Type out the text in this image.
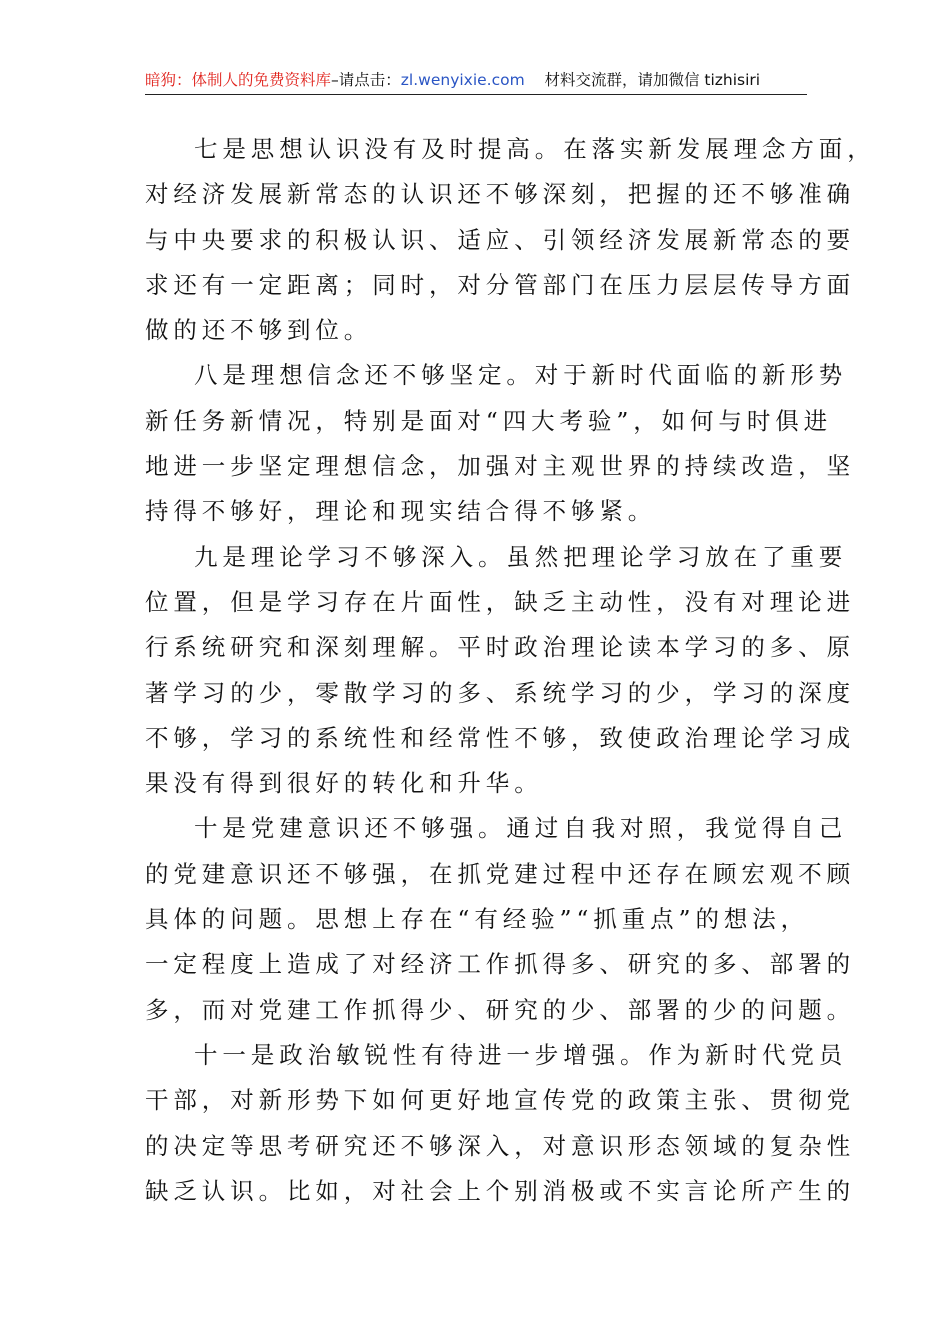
暗狗：体制人的免费资料库–请点击：zl.wenyixie.com 材料交流群，请加微信 tizhisiri
七是思想认识没有及时提高。在落实新发展理念方面，
对经济发展新常态的认识还不够深刻，把握的还不够准确
与中央要求的积极认识、适应、引领经济发展新常态的要
求还有一定距离；同时，对分管部门在压力层层传导方面
做的还不够到位。
八是理想信念还不够坚定。对于新时代面临的新形势
新任务新情况，特别是面对“四大考验”，如何与时俱进
地进一步坚定理想信念，加强对主观世界的持续改造，坚
持得不够好，理论和现实结合得不够紧。
九是理论学习不够深入。虽然把理论学习放在了重要
位置，但是学习存在片面性，缺乏主动性，没有对理论进
行系统研究和深刻理解。平时政治理论读本学习的多、原
著学习的少，零散学习的多、系统学习的少，学习的深度
不够，学习的系统性和经常性不够，致使政治理论学习成
果没有得到很好的转化和升华。
十是党建意识还不够强。通过自我对照，我觉得自己
的党建意识还不够强，在抓党建过程中还存在顾宏观不顾
具体的问题。思想上存在“有经验”“抓重点”的想法，
一定程度上造成了对经济工作抓得多、研究的多、部署的
多，而对党建工作抓得少、研究的少、部署的少的问题。
十一是政治敏锐性有待进一步增强。作为新时代党员
干部，对新形势下如何更好地宣传党的政策主张、贯彻党
的决定等思考研究还不够深入，对意识形态领域的复杂性
缺乏认识。比如，对社会上个别消极或不实言论所产生的
